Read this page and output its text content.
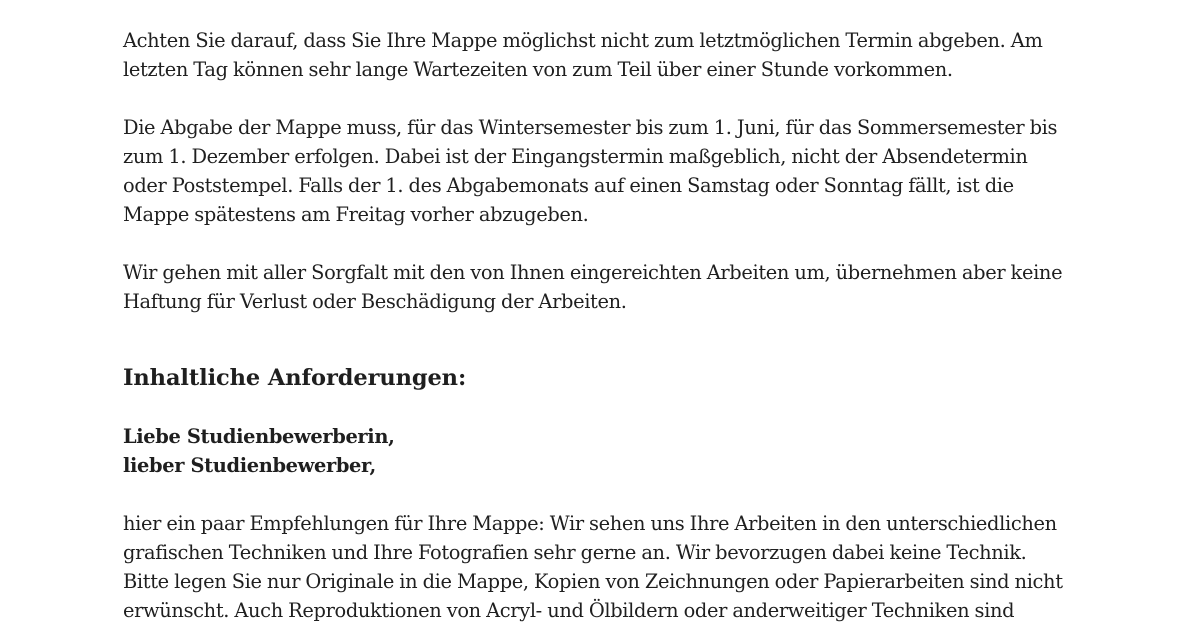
Achten Sie darauf, dass Sie Ihre Mappe möglichst nicht zum letztmöglichen Termin abgeben. Am letzten Tag können sehr lange Wartezeiten von zum Teil über einer Stunde vorkommen.

Die Abgabe der Mappe muss, für das Wintersemester bis zum 1. Juni, für das Sommersemester bis zum 1. Dezember erfolgen. Dabei ist der Eingangstermin maßgeblich, nicht der Absendetermin oder Poststempel. Falls der 1. des Abgabemonats auf einen Samstag oder Sonntag fällt, ist die Mappe spätestens am Freitag vorher abzugeben.

Wir gehen mit aller Sorgfalt mit den von Ihnen eingereichten Arbeiten um, übernehmen aber keine Haftung für Verlust oder Beschädigung der Arbeiten.

Inhaltliche Anforderungen:

Liebe Studienbewerberin,
lieber Studienbewerber,

hier ein paar Empfehlungen für Ihre Mappe: Wir sehen uns Ihre Arbeiten in den unterschiedlichen grafischen Techniken und Ihre Fotografien sehr gerne an. Wir bevorzugen dabei keine Technik. Bitte legen Sie nur Originale in die Mappe, Kopien von Zeichnungen oder Papierarbeiten sind nicht erwünscht. Auch Reproduktionen von Acryl- und Ölbildern oder anderweitiger Techniken sind
